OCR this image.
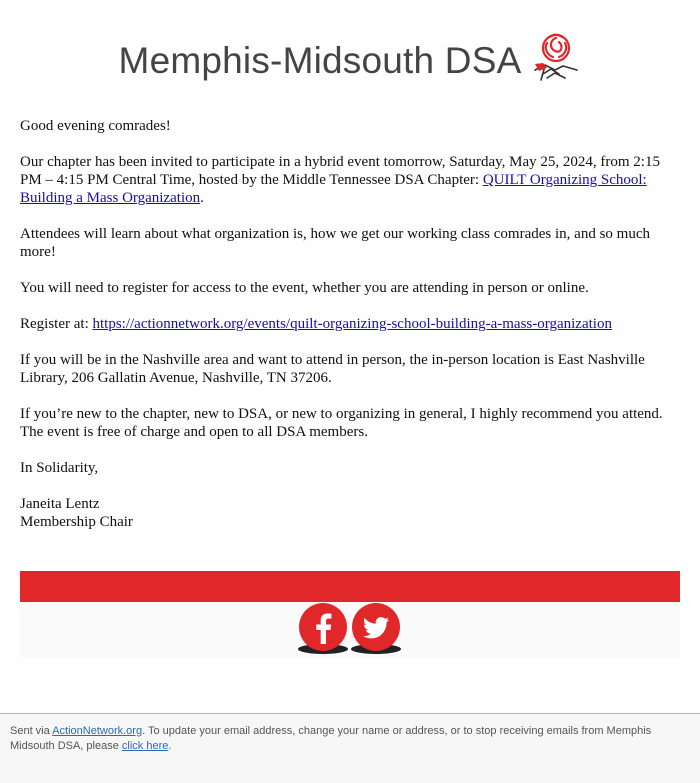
Memphis-Midsouth DSA

Good evening comrades!

Our chapter has been invited to participate in a hybrid event tomorrow, Saturday, May 25, 2024, from 2:15 PM – 4:15 PM Central Time, hosted by the Middle Tennessee DSA Chapter: QUILT Organizing School: Building a Mass Organization.

Attendees will learn about what organization is, how we get our working class comrades in, and so much more!

You will need to register for access to the event, whether you are attending in person or online.

Register at: https://actionnetwork.org/events/quilt-organizing-school-building-a-mass-organization

If you will be in the Nashville area and want to attend in person, the in-person location is East Nashville Library, 206 Gallatin Avenue, Nashville, TN 37206.

If you’re new to the chapter, new to DSA, or new to organizing in general, I highly recommend you attend. The event is free of charge and open to all DSA members.

In Solidarity,

Janeita Lentz
Membership Chair
Sent via ActionNetwork.org. To update your email address, change your name or address, or to stop receiving emails from Memphis Midsouth DSA, please click here.
